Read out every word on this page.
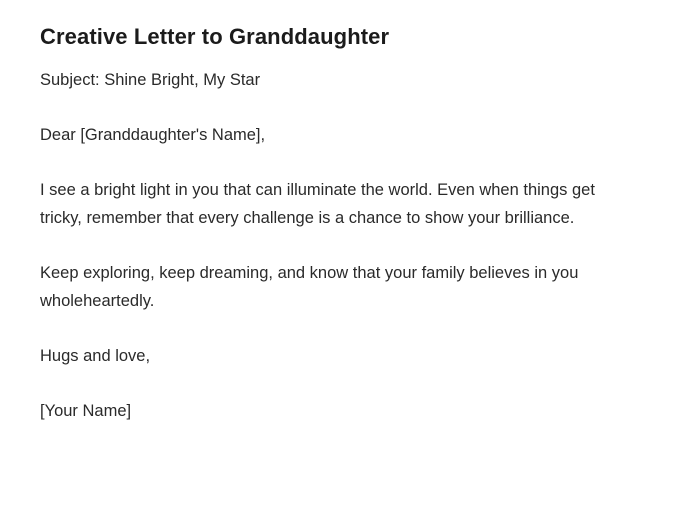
Creative Letter to Granddaughter

Subject: Shine Bright, My Star

Dear [Granddaughter's Name],

I see a bright light in you that can illuminate the world. Even when things get tricky, remember that every challenge is a chance to show your brilliance.

Keep exploring, keep dreaming, and know that your family believes in you wholeheartedly.

Hugs and love,

[Your Name]
